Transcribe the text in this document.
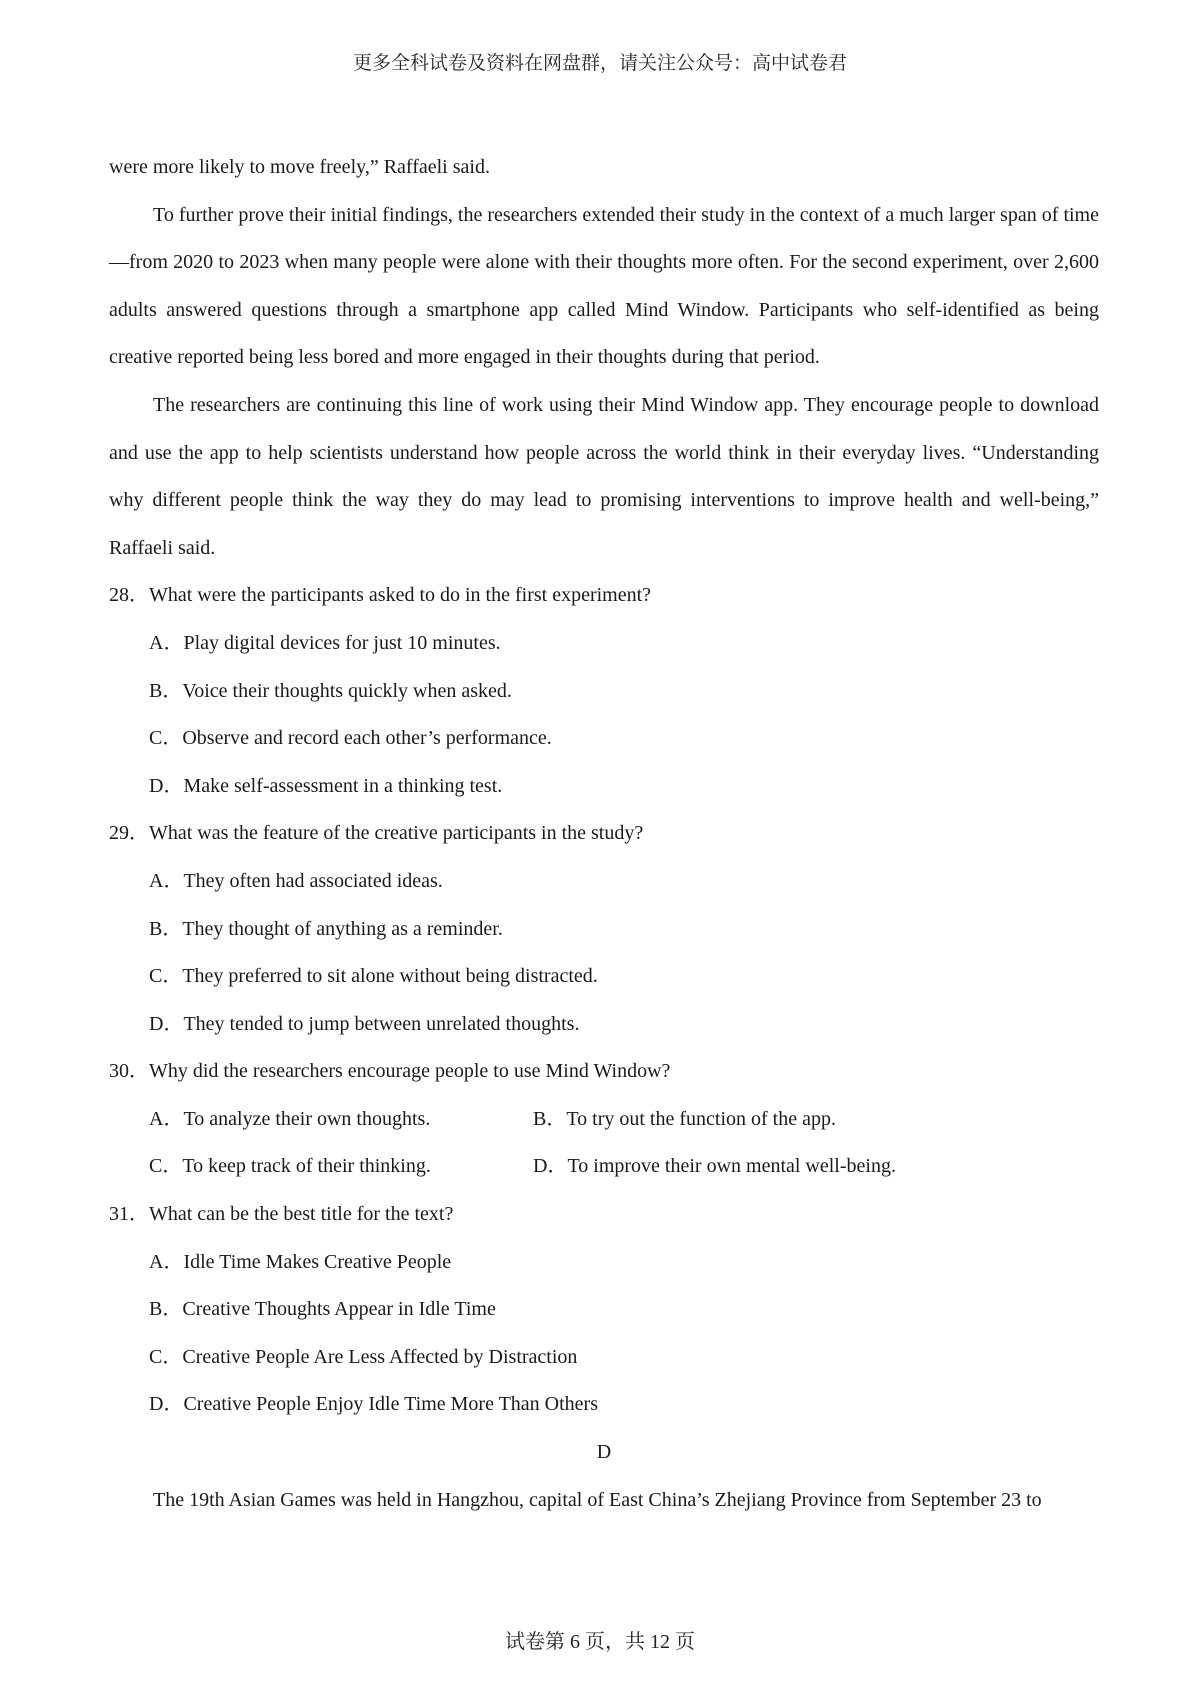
更多全科试卷及资料在网盘群，请关注公众号：高中试卷君
were more likely to move freely,” Raffaeli said.
To further prove their initial findings, the researchers extended their study in the context of a much larger span of time—from 2020 to 2023 when many people were alone with their thoughts more often. For the second experiment, over 2,600 adults answered questions through a smartphone app called Mind Window. Participants who self-identified as being creative reported being less bored and more engaged in their thoughts during that period.
The researchers are continuing this line of work using their Mind Window app. They encourage people to download and use the app to help scientists understand how people across the world think in their everyday lives. “Understanding why different people think the way they do may lead to promising interventions to improve health and well-being,” Raffaeli said.
28．What were the participants asked to do in the first experiment?
A．Play digital devices for just 10 minutes.
B．Voice their thoughts quickly when asked.
C．Observe and record each other’s performance.
D．Make self-assessment in a thinking test.
29．What was the feature of the creative participants in the study?
A．They often had associated ideas.
B．They thought of anything as a reminder.
C．They preferred to sit alone without being distracted.
D．They tended to jump between unrelated thoughts.
30．Why did the researchers encourage people to use Mind Window?
A．To analyze their own thoughts.	B．To try out the function of the app.
C．To keep track of their thinking.	D．To improve their own mental well-being.
31．What can be the best title for the text?
A．Idle Time Makes Creative People
B．Creative Thoughts Appear in Idle Time
C．Creative People Are Less Affected by Distraction
D．Creative People Enjoy Idle Time More Than Others
D
The 19th Asian Games was held in Hangzhou, capital of East China’s Zhejiang Province from September 23 to
试卷第 6 页，共 12 页
